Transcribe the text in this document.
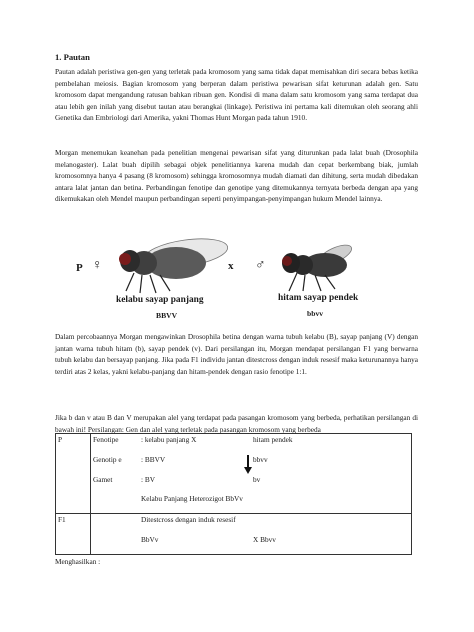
1. Pautan

Pautan adalah peristiwa gen-gen yang terletak pada kromosom yang sama tidak dapat memisahkan diri secara bebas ketika pembelahan meiosis. Bagian kromosom yang berperan dalam peristiwa pewarisan sifat keturunan adalah gen. Satu kromosom dapat mengandung ratusan bahkan ribuan gen. Kondisi di mana dalam satu kromosom yang sama terdapat dua atau lebih gen inilah yang disebut tautan atau berangkai (linkage). Peristiwa ini pertama kali ditemukan oleh seorang ahli Genetika dan Embriologi dari Amerika, yakni Thomas Hunt Morgan pada tahun 1910.

Morgan menemukan keanehan pada penelitian mengenai pewarisan sifat yang diturunkan pada lalat buah (Drosophila melanogaster). Lalat buah dipilih sebagai objek penelitiannya karena mudah dan cepat berkembang biak, jumlah kromosomnya hanya 4 pasang (8 kromosom) sehingga kromosomnya mudah diamati dan dihitung, serta mudah dibedakan antara lalat jantan dan betina. Perbandingan fenotipe dan genotipe yang ditemukannya ternyata berbeda dengan apa yang dikemukakan oleh Mendel maupun perbandingan seperti penyimpangan-penyimpangan hukum Mendel lainnya.

P ♀	x ♂
kelabu sayap panjang
BBVV
hitam sayap pendek
bbvv

Dalam percobaannya Morgan mengawinkan Drosophila betina dengan warna tubuh kelabu (B), sayap panjang (V) dengan jantan warna tubuh hitam (b), sayap pendek (v). Dari persilangan itu, Morgan mendapat persilangan F1 yang berwarna tubuh kelabu dan bersayap panjang. Jika pada F1 individu jantan ditestcross dengan induk resesif maka keturunannya hanya terdiri atas 2 kelas, yakni kelabu-panjang dan hitam-pendek dengan rasio fenotipe 1:1.

Jika b dan v atau B dan V merupakan alel yang terdapat pada pasangan kromosom yang berbeda, perhatikan persilangan di bawah ini! Persilangan: Gen dan alel yang terletak pada pasangan kromosom yang berbeda

P	Fenotipe	: kelabu panjang X	hitam pendek	
	Genotip e	: BBVV	bbvv	
	Gamet	: BV	bv	
		Kelabu Panjang Heterozigot BbVv		
F1		Ditestcross dengan induk resesif		
		BbVv	X Bbvv	
Menghasilkan :
